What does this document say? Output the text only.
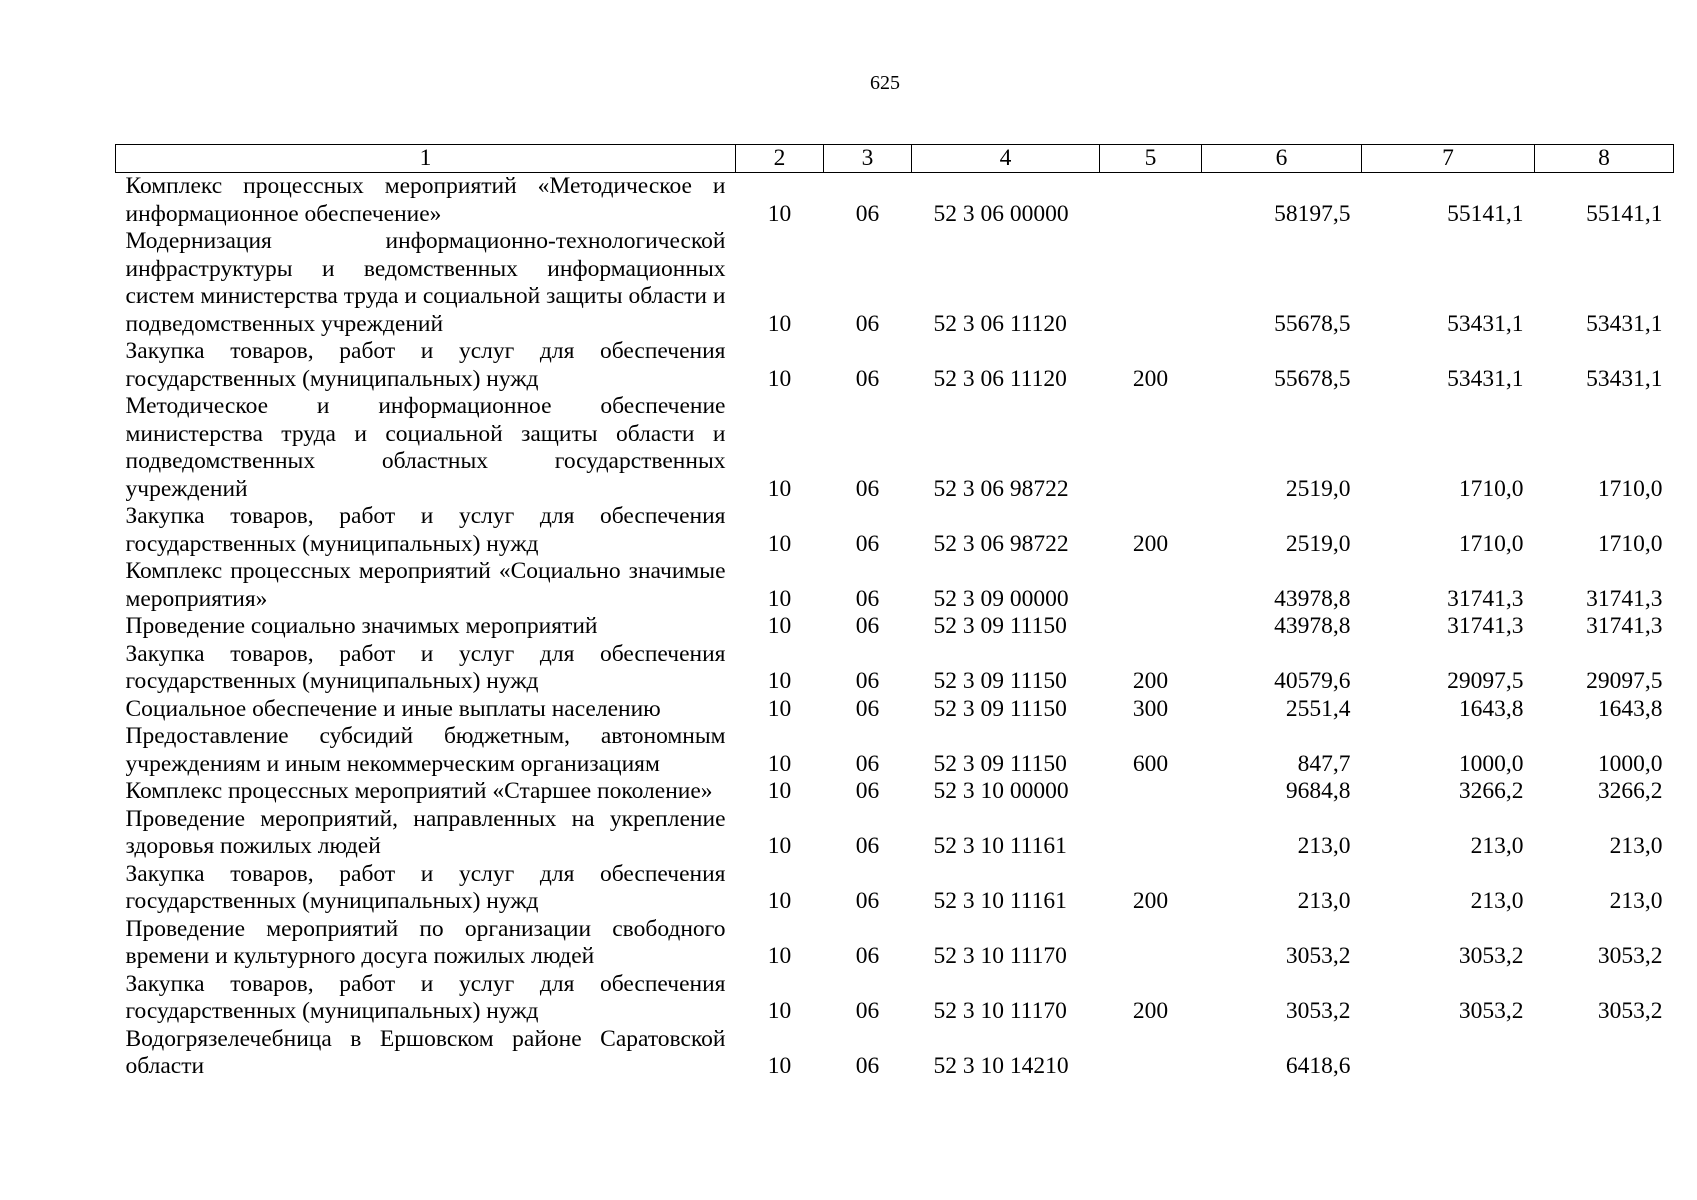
625
1	2	3	4	5	6	7	8
Комплекс процессных мероприятий «Методическое и информационное обеспечение»	10	06	52 3 06 00000		58197,5	55141,1	55141,1
Модернизация информационно-технологической инфраструктуры и ведомственных информационных систем министерства труда и социальной защиты области и подведомственных учреждений	10	06	52 3 06 11120		55678,5	53431,1	53431,1
Закупка товаров, работ и услуг для обеспечения государственных (муниципальных) нужд	10	06	52 3 06 11120	200	55678,5	53431,1	53431,1
Методическое и информационное обеспечение министерства труда и социальной защиты области и подведомственных областных государственных учреждений	10	06	52 3 06 98722		2519,0	1710,0	1710,0
Закупка товаров, работ и услуг для обеспечения государственных (муниципальных) нужд	10	06	52 3 06 98722	200	2519,0	1710,0	1710,0
Комплекс процессных мероприятий «Социально значимые мероприятия»	10	06	52 3 09 00000		43978,8	31741,3	31741,3
Проведение социально значимых мероприятий	10	06	52 3 09 11150		43978,8	31741,3	31741,3
Закупка товаров, работ и услуг для обеспечения государственных (муниципальных) нужд	10	06	52 3 09 11150	200	40579,6	29097,5	29097,5
Социальное обеспечение и иные выплаты населению	10	06	52 3 09 11150	300	2551,4	1643,8	1643,8
Предоставление субсидий бюджетным, автономным учреждениям и иным некоммерческим организациям	10	06	52 3 09 11150	600	847,7	1000,0	1000,0
Комплекс процессных мероприятий «Старшее поколение»	10	06	52 3 10 00000		9684,8	3266,2	3266,2
Проведение мероприятий, направленных на укрепление здоровья пожилых людей	10	06	52 3 10 11161		213,0	213,0	213,0
Закупка товаров, работ и услуг для обеспечения государственных (муниципальных) нужд	10	06	52 3 10 11161	200	213,0	213,0	213,0
Проведение мероприятий по организации свободного времени и культурного досуга пожилых людей	10	06	52 3 10 11170		3053,2	3053,2	3053,2
Закупка товаров, работ и услуг для обеспечения государственных (муниципальных) нужд	10	06	52 3 10 11170	200	3053,2	3053,2	3053,2
Водогрязелечебница в Ершовском районе Саратовской области	10	06	52 3 10 14210		6418,6		
